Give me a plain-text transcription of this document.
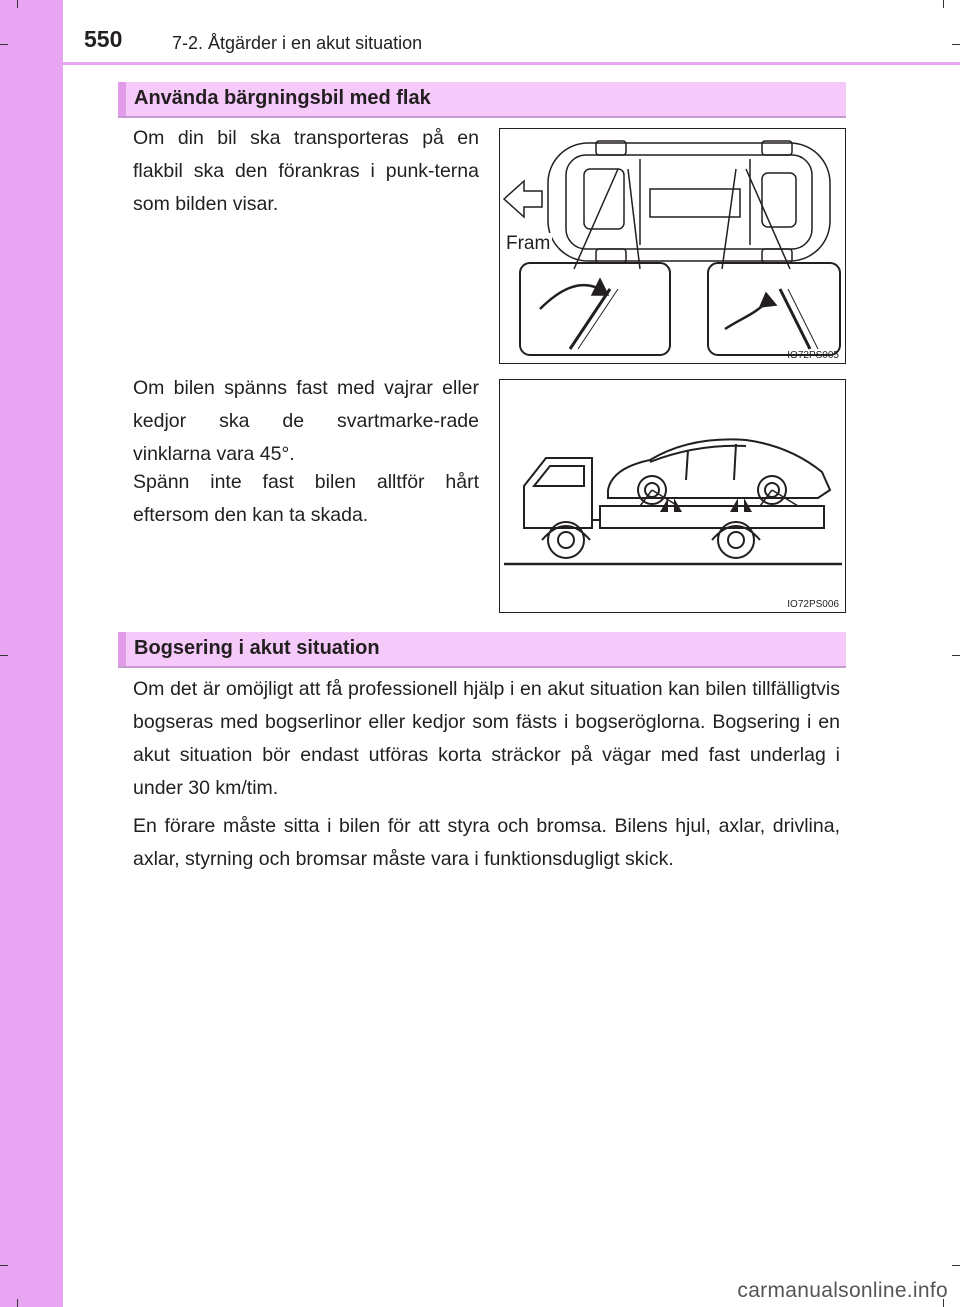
550	7-2. Åtgärder i en akut situation
Använda bärgningsbil med flak
Om din bil ska transporteras på en flakbil ska den förankras i punk-terna som bilden visar.
Om bilen spänns fast med vajrar eller kedjor ska de svartmarke-rade vinklarna vara 45°.
Spänn inte fast bilen alltför hårt eftersom den kan ta skada.
Fram
IO72PS005
IO72PS006
Bogsering i akut situation
Om det är omöjligt att få professionell hjälp i en akut situation kan bilen tillfälligtvis bogseras med bogserlinor eller kedjor som fästs i bogseröglorna. Bogsering i en akut situation bör endast utföras korta sträckor på vägar med fast underlag i under 30 km/tim.
En förare måste sitta i bilen för att styra och bromsa. Bilens hjul, axlar, drivlina, axlar, styrning och bromsar måste vara i funktionsdugligt skick.
carmanualsonline.info
